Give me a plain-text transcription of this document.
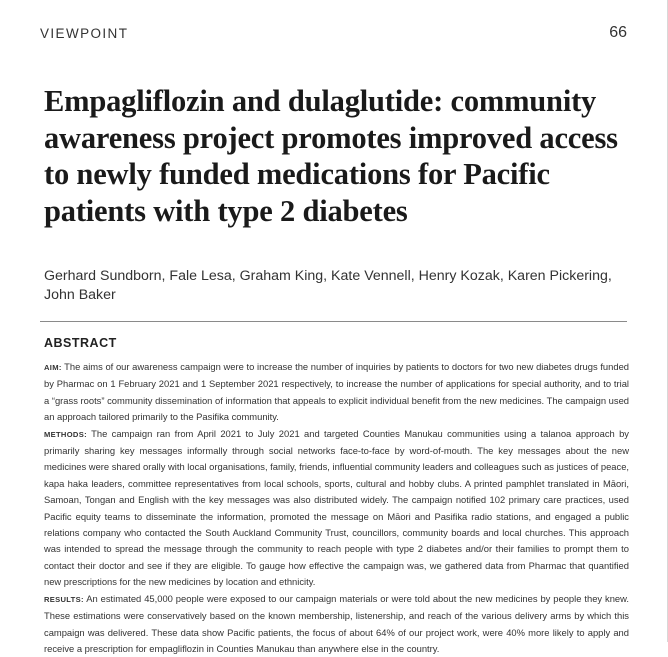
VIEWPOINT	66
Empagliflozin and dulaglutide: community awareness project promotes improved access to newly funded medications for Pacific patients with type 2 diabetes
Gerhard Sundborn, Fale Lesa, Graham King, Kate Vennell, Henry Kozak, Karen Pickering, John Baker
ABSTRACT

AIM: The aims of our awareness campaign were to increase the number of inquiries by patients to doctors for two new diabetes drugs funded by Pharmac on 1 February 2021 and 1 September 2021 respectively, to increase the number of applications for special authority, and to trial a “grass roots” community dissemination of information that appeals to explicit individual benefit from the new medicines. The campaign used an approach tailored primarily to the Pasifika community.

METHODS: The campaign ran from April 2021 to July 2021 and targeted Counties Manukau communities using a talanoa approach by primarily sharing key messages informally through social networks face-to-face by word-of-mouth. The key messages about the new medicines were shared orally with local organisations, family, friends, influential community leaders and colleagues such as justices of peace, kapa haka leaders, committee representatives from local schools, sports, cultural and hobby clubs. A printed pamphlet translated in Māori, Samoan, Tongan and English with the key messages was also distributed widely. The campaign notified 102 primary care practices, used Pacific equity teams to disseminate the information, promoted the message on Māori and Pasifika radio stations, and engaged a public relations company who contacted the South Auckland Community Trust, councillors, community boards and local churches. This approach was intended to spread the message through the community to reach people with type 2 diabetes and/or their families to prompt them to contact their doctor and see if they are eligible. To gauge how effective the campaign was, we gathered data from Pharmac that quantified new prescriptions for the new medicines by location and ethnicity.

RESULTS: An estimated 45,000 people were exposed to our campaign materials or were told about the new medicines by people they knew. These estimations were conservatively based on the known membership, listenership, and reach of the various delivery arms by which this campaign was delivered. These data show Pacific patients, the focus of about 64% of our project work, were 40% more likely to apply and receive a prescription for empagliflozin in Counties Manukau than anywhere else in the country.
